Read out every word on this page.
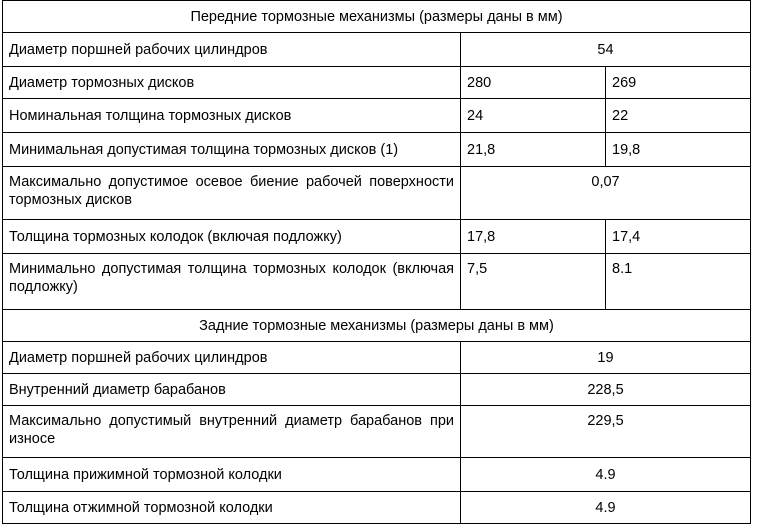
Передние тормозные механизмы (размеры даны в мм)		
Диаметр поршней рабочих цилиндров	54	
Диаметр тормозных дисков	280	269
Номинальная толщина тормозных дисков	24	22
Минимальная допустимая толщина тормозных дисков (1)	21,8	19,8
Максимально допустимое осевое биение рабочей поверхности тормозных дисков	0,07	
Толщина тормозных колодок (включая подложку)	17,8	17,4
Минимально допустимая толщина тормозных колодок (включая подложку)	7,5	8.1
Задние тормозные механизмы (размеры даны в мм)		
Диаметр поршней рабочих цилиндров	19	
Внутренний диаметр барабанов	228,5	
Максимально допустимый внутренний диаметр барабанов при износе	229,5	
Толщина прижимной тормозной колодки	4.9	
Толщина отжимной тормозной колодки	4.9	
